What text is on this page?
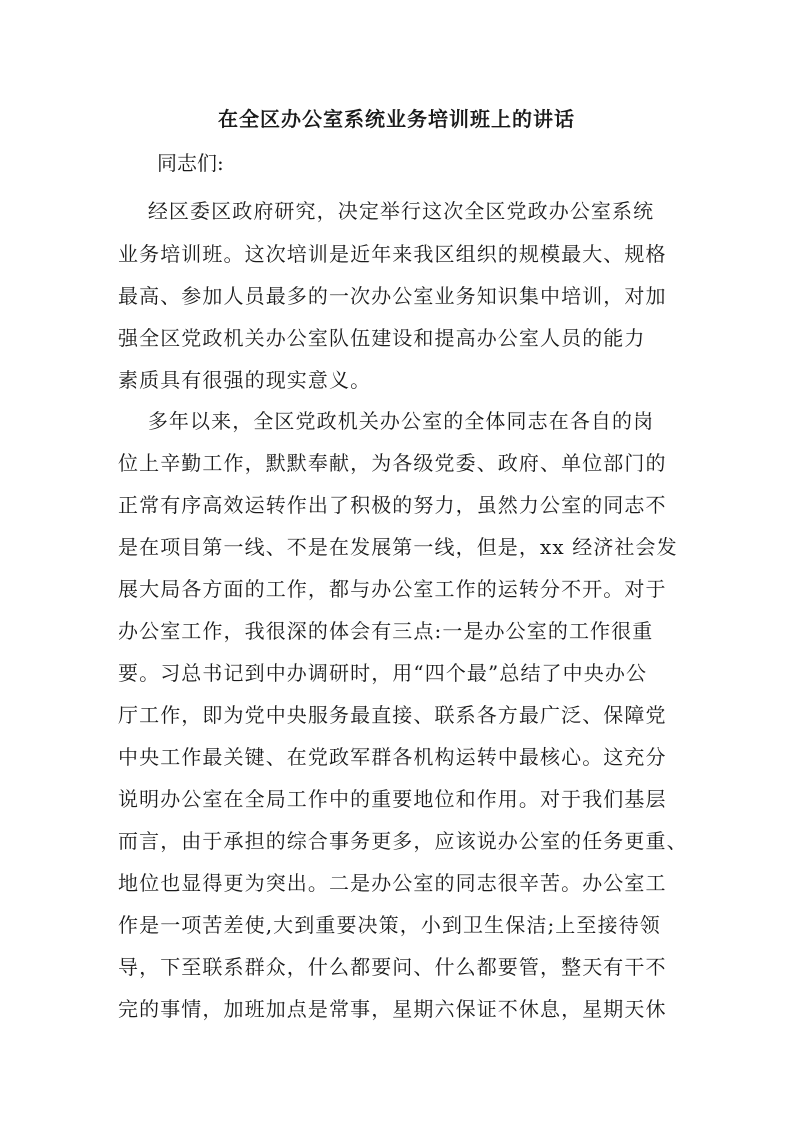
在全区办公室系统业务培训班上的讲话
同志们:
经区委区政府研究，决定举行这次全区党政办公室系统
业务培训班。这次培训是近年来我区组织的规模最大、规格
最高、参加人员最多的一次办公室业务知识集中培训，对加
强全区党政机关办公室队伍建设和提高办公室人员的能力
素质具有很强的现实意义。
多年以来，全区党政机关办公室的全体同志在各自的岗
位上辛勤工作，默默奉献，为各级党委、政府、单位部门的
正常有序高效运转作出了积极的努力，虽然力公室的同志不
是在项目第一线、不是在发展第一线，但是，xx 经济社会发
展大局各方面的工作，都与办公室工作的运转分不开。对于
办公室工作，我很深的体会有三点:一是办公室的工作很重
要。习总书记到中办调研时，用“四个最”总结了中央办公
厅工作，即为党中央服务最直接、联系各方最广泛、保障党
中央工作最关键、在党政军群各机构运转中最核心。这充分
说明办公室在全局工作中的重要地位和作用。对于我们基层
而言，由于承担的综合事务更多，应该说办公室的任务更重、
地位也显得更为突出。二是办公室的同志很辛苦。办公室工
作是一项苦差使,大到重要决策，小到卫生保洁;上至接待领
导，下至联系群众，什么都要问、什么都要管，整天有干不
完的事情，加班加点是常事，星期六保证不休息，星期天休
